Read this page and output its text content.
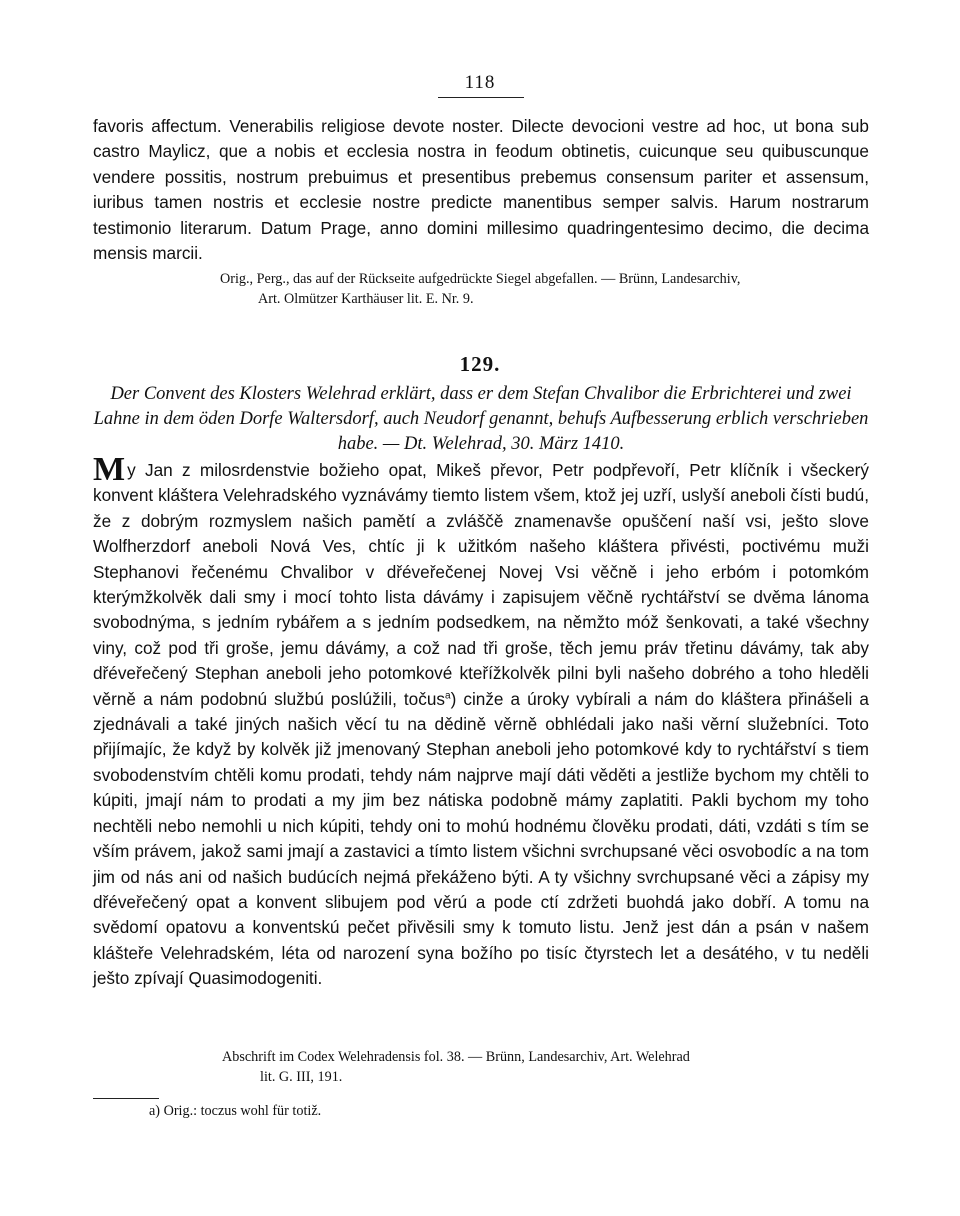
118

favoris affectum. Venerabilis religiose devote noster. Dilecte devocioni vestre ad hoc, ut bona sub castro Maylicz, que a nobis et ecclesia nostra in feodum obtinetis, cuicunque seu quibuscunque vendere possitis, nostrum prebuimus et presentibus prebemus consensum pariter et assensum, iuribus tamen nostris et ecclesie nostre predicte manentibus semper salvis. Harum nostrarum testimonio literarum. Datum Prage, anno domini millesimo quadringentesimo decimo, die decima mensis marcii.

Orig., Perg., das auf der Rückseite aufgedrückte Siegel abgefallen. — Brünn, Landesarchiv,
Art. Olmützer Karthäuser lit. E. Nr. 9.
129.

Der Convent des Klosters Welehrad erklärt, dass er dem Stefan Chvalibor die Erbrichterei und zwei Lahne in dem öden Dorfe Waltersdorf, auch Neudorf genannt, behufs Aufbesserung erblich verschrieben habe. — Dt. Welehrad, 30. März 1410.

My Jan z milosrdenstvie božieho opat, Mikeš převor, Petr podpřevoří, Petr klíčník i všeckerý konvent kláštera Velehradského vyznávámy tiemto listem všem, ktož jej uzří, uslyší aneboli čísti budú, že z dobrým rozmyslem našich pamětí a zvláščě znamenavše opuščení naší vsi, ješto slove Wolfherzdorf aneboli Nová Ves, chtíc ji k užitkóm našeho kláštera přivésti, poctivému muži Stephanovi řečenému Chvalibor v dřéveřečenej Novej Vsi věčně i jeho erbóm i potomkóm kterýmžkolvěk dali smy i mocí tohto lista dávámy i zapisujem věčně rychtářství se dvěma lánoma svobodnýma, s jedním rybářem a s jedním podsedkem, na němžto móž šenkovati, a také všechny viny, což pod tři groše, jemu dávámy, a což nad tři groše, těch jemu práv třetinu dávámy, tak aby dřéveřečený Stephan aneboli jeho potomkové kteřížkolvěk pilni byli našeho dobrého a toho hleděli věrně a nám podobnú službú poslúžili, točus$^a$) cinže a úroky vybírali a nám do kláštera přinášeli a zjednávali a také jiných našich věcí tu na dědině věrně obhlédali jako naši věrní služebníci. Toto přijímajíc, že když by kolvěk již jmenovaný Stephan aneboli jeho potomkové kdy to rychtářství s tiem svobodenstvím chtěli komu prodati, tehdy nám najprve mají dáti věděti a jestliže bychom my chtěli to kúpiti, jmají nám to prodati a my jim bez nátiska podobně mámy zaplatiti. Pakli bychom my toho nechtěli nebo nemohli u nich kúpiti, tehdy oni to mohú hodnému člověku prodati, dáti, vzdáti s tím se vším právem, jakož sami jmají a zastavici a tímto listem všichni svrchupsané věci osvobodíc a na tom jim od nás ani od našich budúcích nejmá překáženo býti. A ty všichny svrchupsané věci a zápisy my dřéveřečený opat a konvent slibujem pod věrú a pode ctí zdržeti buohdá jako dobří. A tomu na svědomí opatovu a konventskú pečet přivěsili smy k tomuto listu. Jenž jest dán a psán v našem klášteře Velehradském, léta od narození syna božího po tisíc čtyrstech let a desátého, v tu neděli ješto zpívají Quasimodogeniti.

Abschrift im Codex Welehradensis fol. 38. — Brünn, Landesarchiv, Art. Welehrad
lit. G. III, 191.
a) Orig.: toczus wohl für totiž.
